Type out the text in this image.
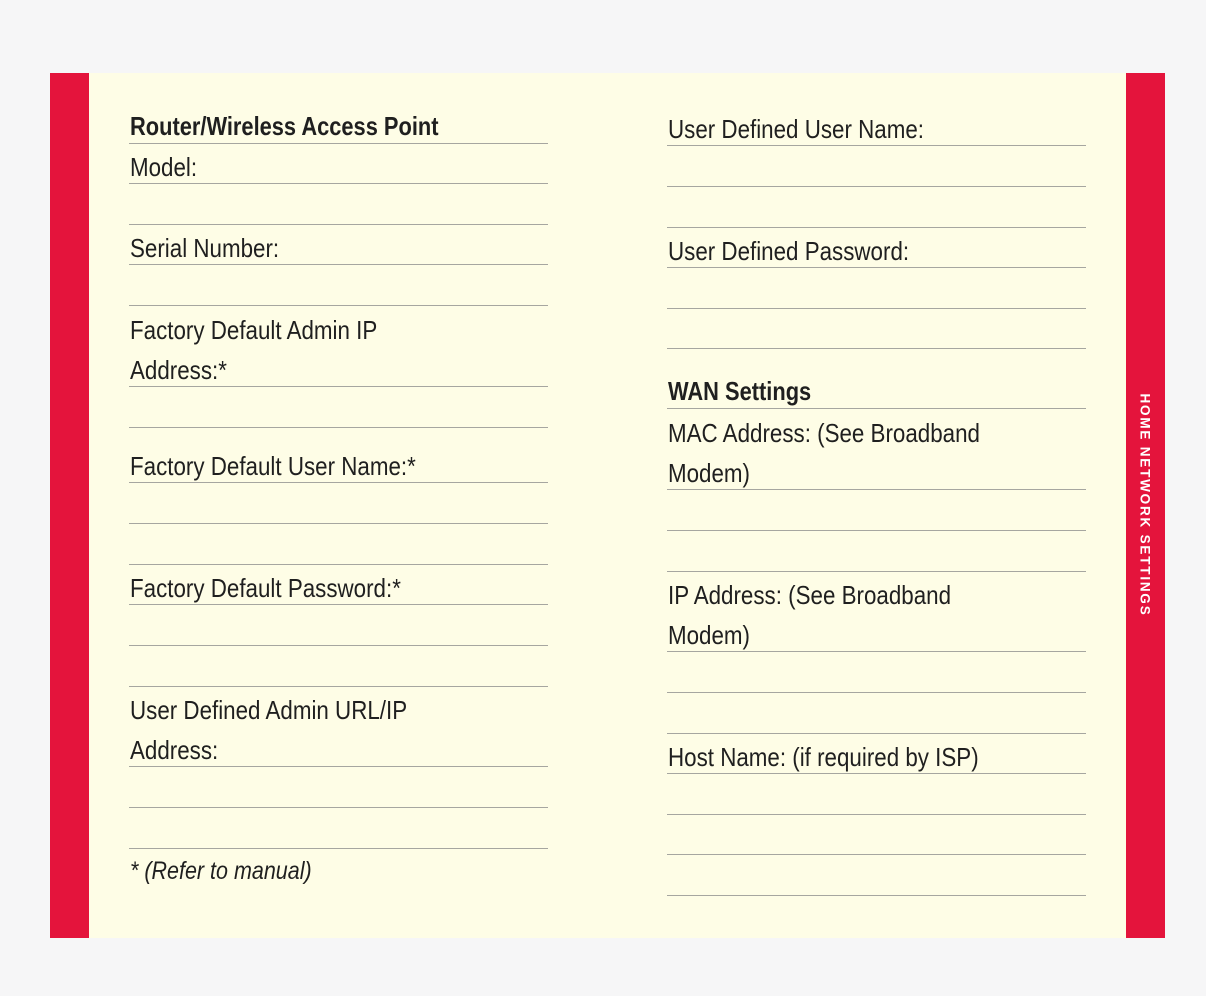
Router/Wireless Access Point
Model:
Serial Number:
Factory Default Admin IP
Address:*
Factory Default User Name:*
Factory Default Password:*
User Defined Admin URL/IP
Address:
* (Refer to manual)
User Defined User Name:
User Defined Password:
WAN Settings
MAC Address: (See Broadband
Modem)
IP Address: (See Broadband
Modem)
Host Name: (if required by ISP)
HOME NETWORK SETTINGS
